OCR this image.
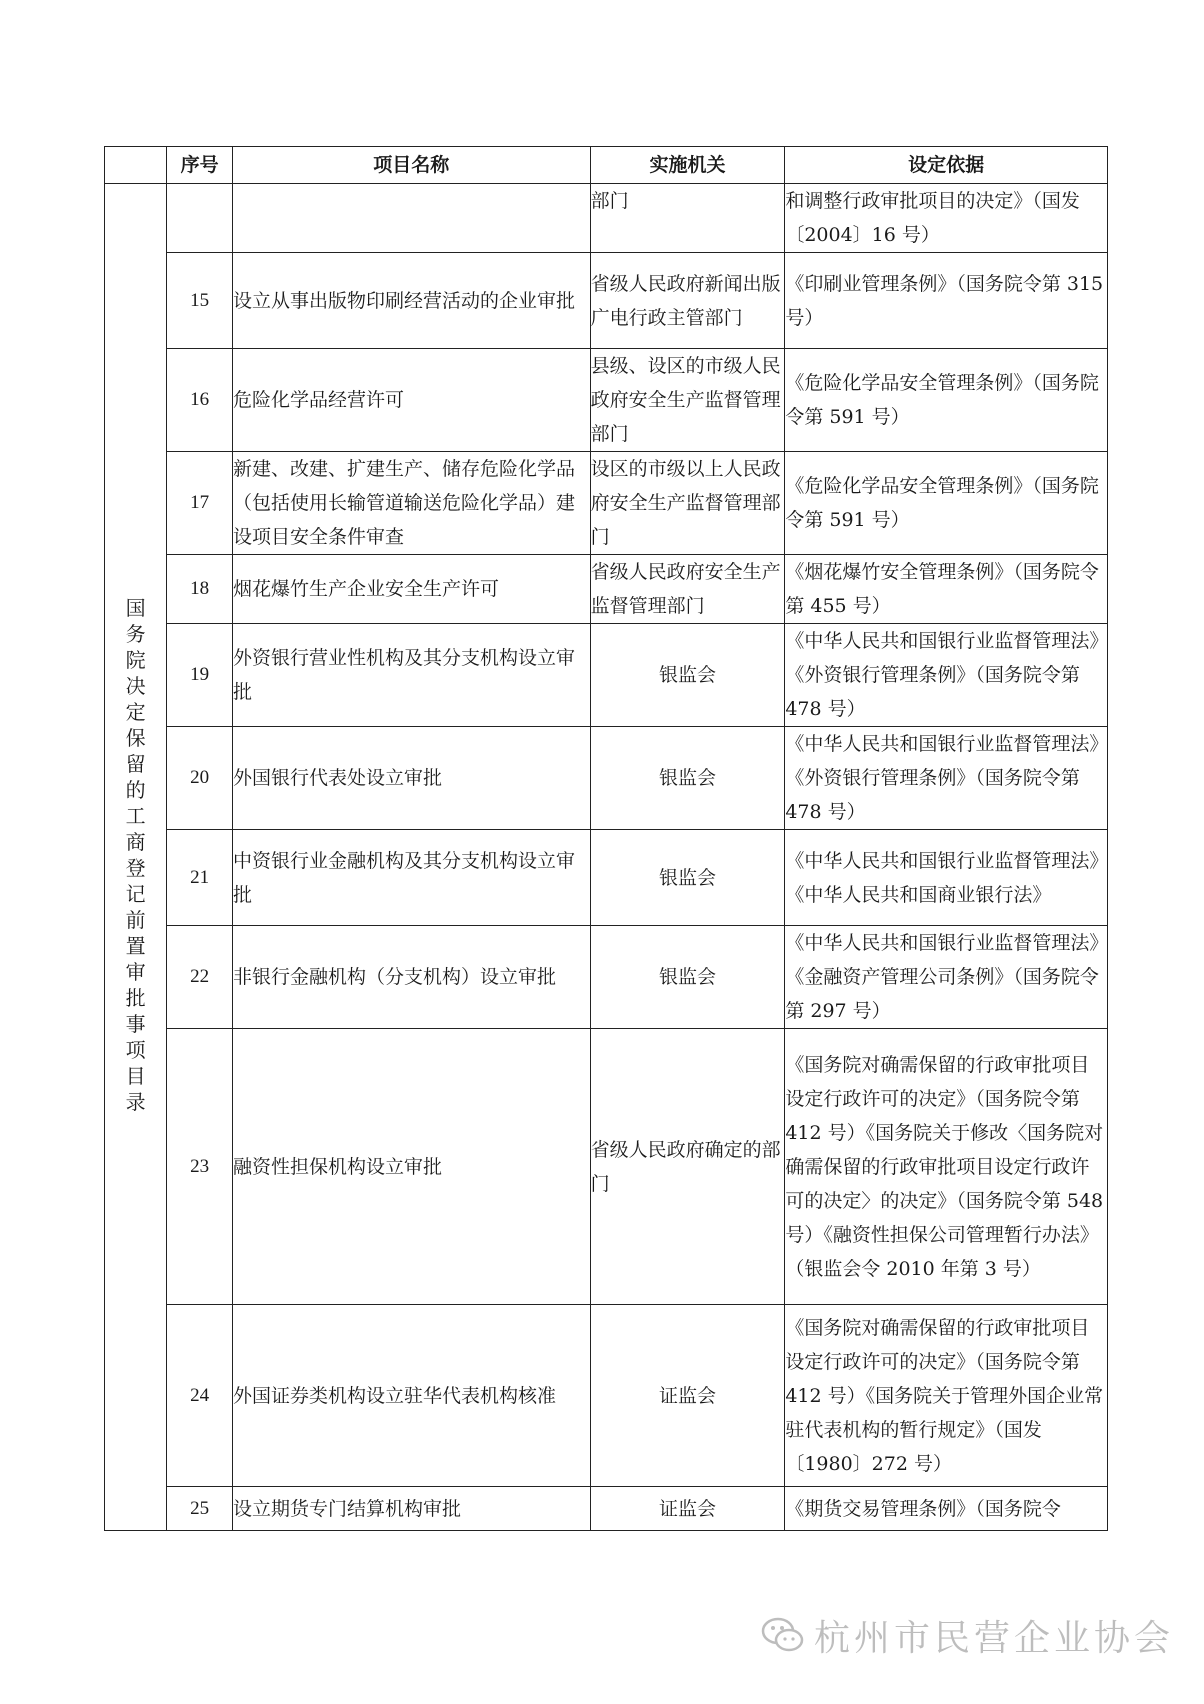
	序号	项目名称	实施机关	设定依据
国务院决定保留的工商登记前置审批事项目录			部门	和调整行政审批项目的决定》（国发〔2004〕16 号）
	15	设立从事出版物印刷经营活动的企业审批	省级人民政府新闻出版广电行政主管部门	《印刷业管理条例》（国务院令第 315 号）
	16	危险化学品经营许可	县级、设区的市级人民政府安全生产监督管理部门	《危险化学品安全管理条例》（国务院令第 591 号）
	17	新建、改建、扩建生产、储存危险化学品（包括使用长输管道输送危险化学品）建设项目安全条件审查	设区的市级以上人民政府安全生产监督管理部门	《危险化学品安全管理条例》（国务院令第 591 号）
	18	烟花爆竹生产企业安全生产许可	省级人民政府安全生产监督管理部门	《烟花爆竹安全管理条例》（国务院令第 455 号）
	19	外资银行营业性机构及其分支机构设立审批	银监会	《中华人民共和国银行业监督管理法》《外资银行管理条例》（国务院令第 478 号）
	20	外国银行代表处设立审批	银监会	《中华人民共和国银行业监督管理法》《外资银行管理条例》（国务院令第 478 号）
	21	中资银行业金融机构及其分支机构设立审批	银监会	《中华人民共和国银行业监督管理法》《中华人民共和国商业银行法》
	22	非银行金融机构（分支机构）设立审批	银监会	《中华人民共和国银行业监督管理法》《金融资产管理公司条例》（国务院令第 297 号）
	23	融资性担保机构设立审批	省级人民政府确定的部门	《国务院对确需保留的行政审批项目设定行政许可的决定》（国务院令第 412 号）《国务院关于修改〈国务院对确需保留的行政审批项目设定行政许可的决定〉的决定》（国务院令第 548 号）《融资性担保公司管理暂行办法》（银监会令 2010 年第 3 号）
	24	外国证券类机构设立驻华代表机构核准	证监会	《国务院对确需保留的行政审批项目设定行政许可的决定》（国务院令第 412 号）《国务院关于管理外国企业常驻代表机构的暂行规定》（国发〔1980〕272 号）
	25	设立期货专门结算机构审批	证监会	《期货交易管理条例》（国务院令
杭州市民营企业协会
